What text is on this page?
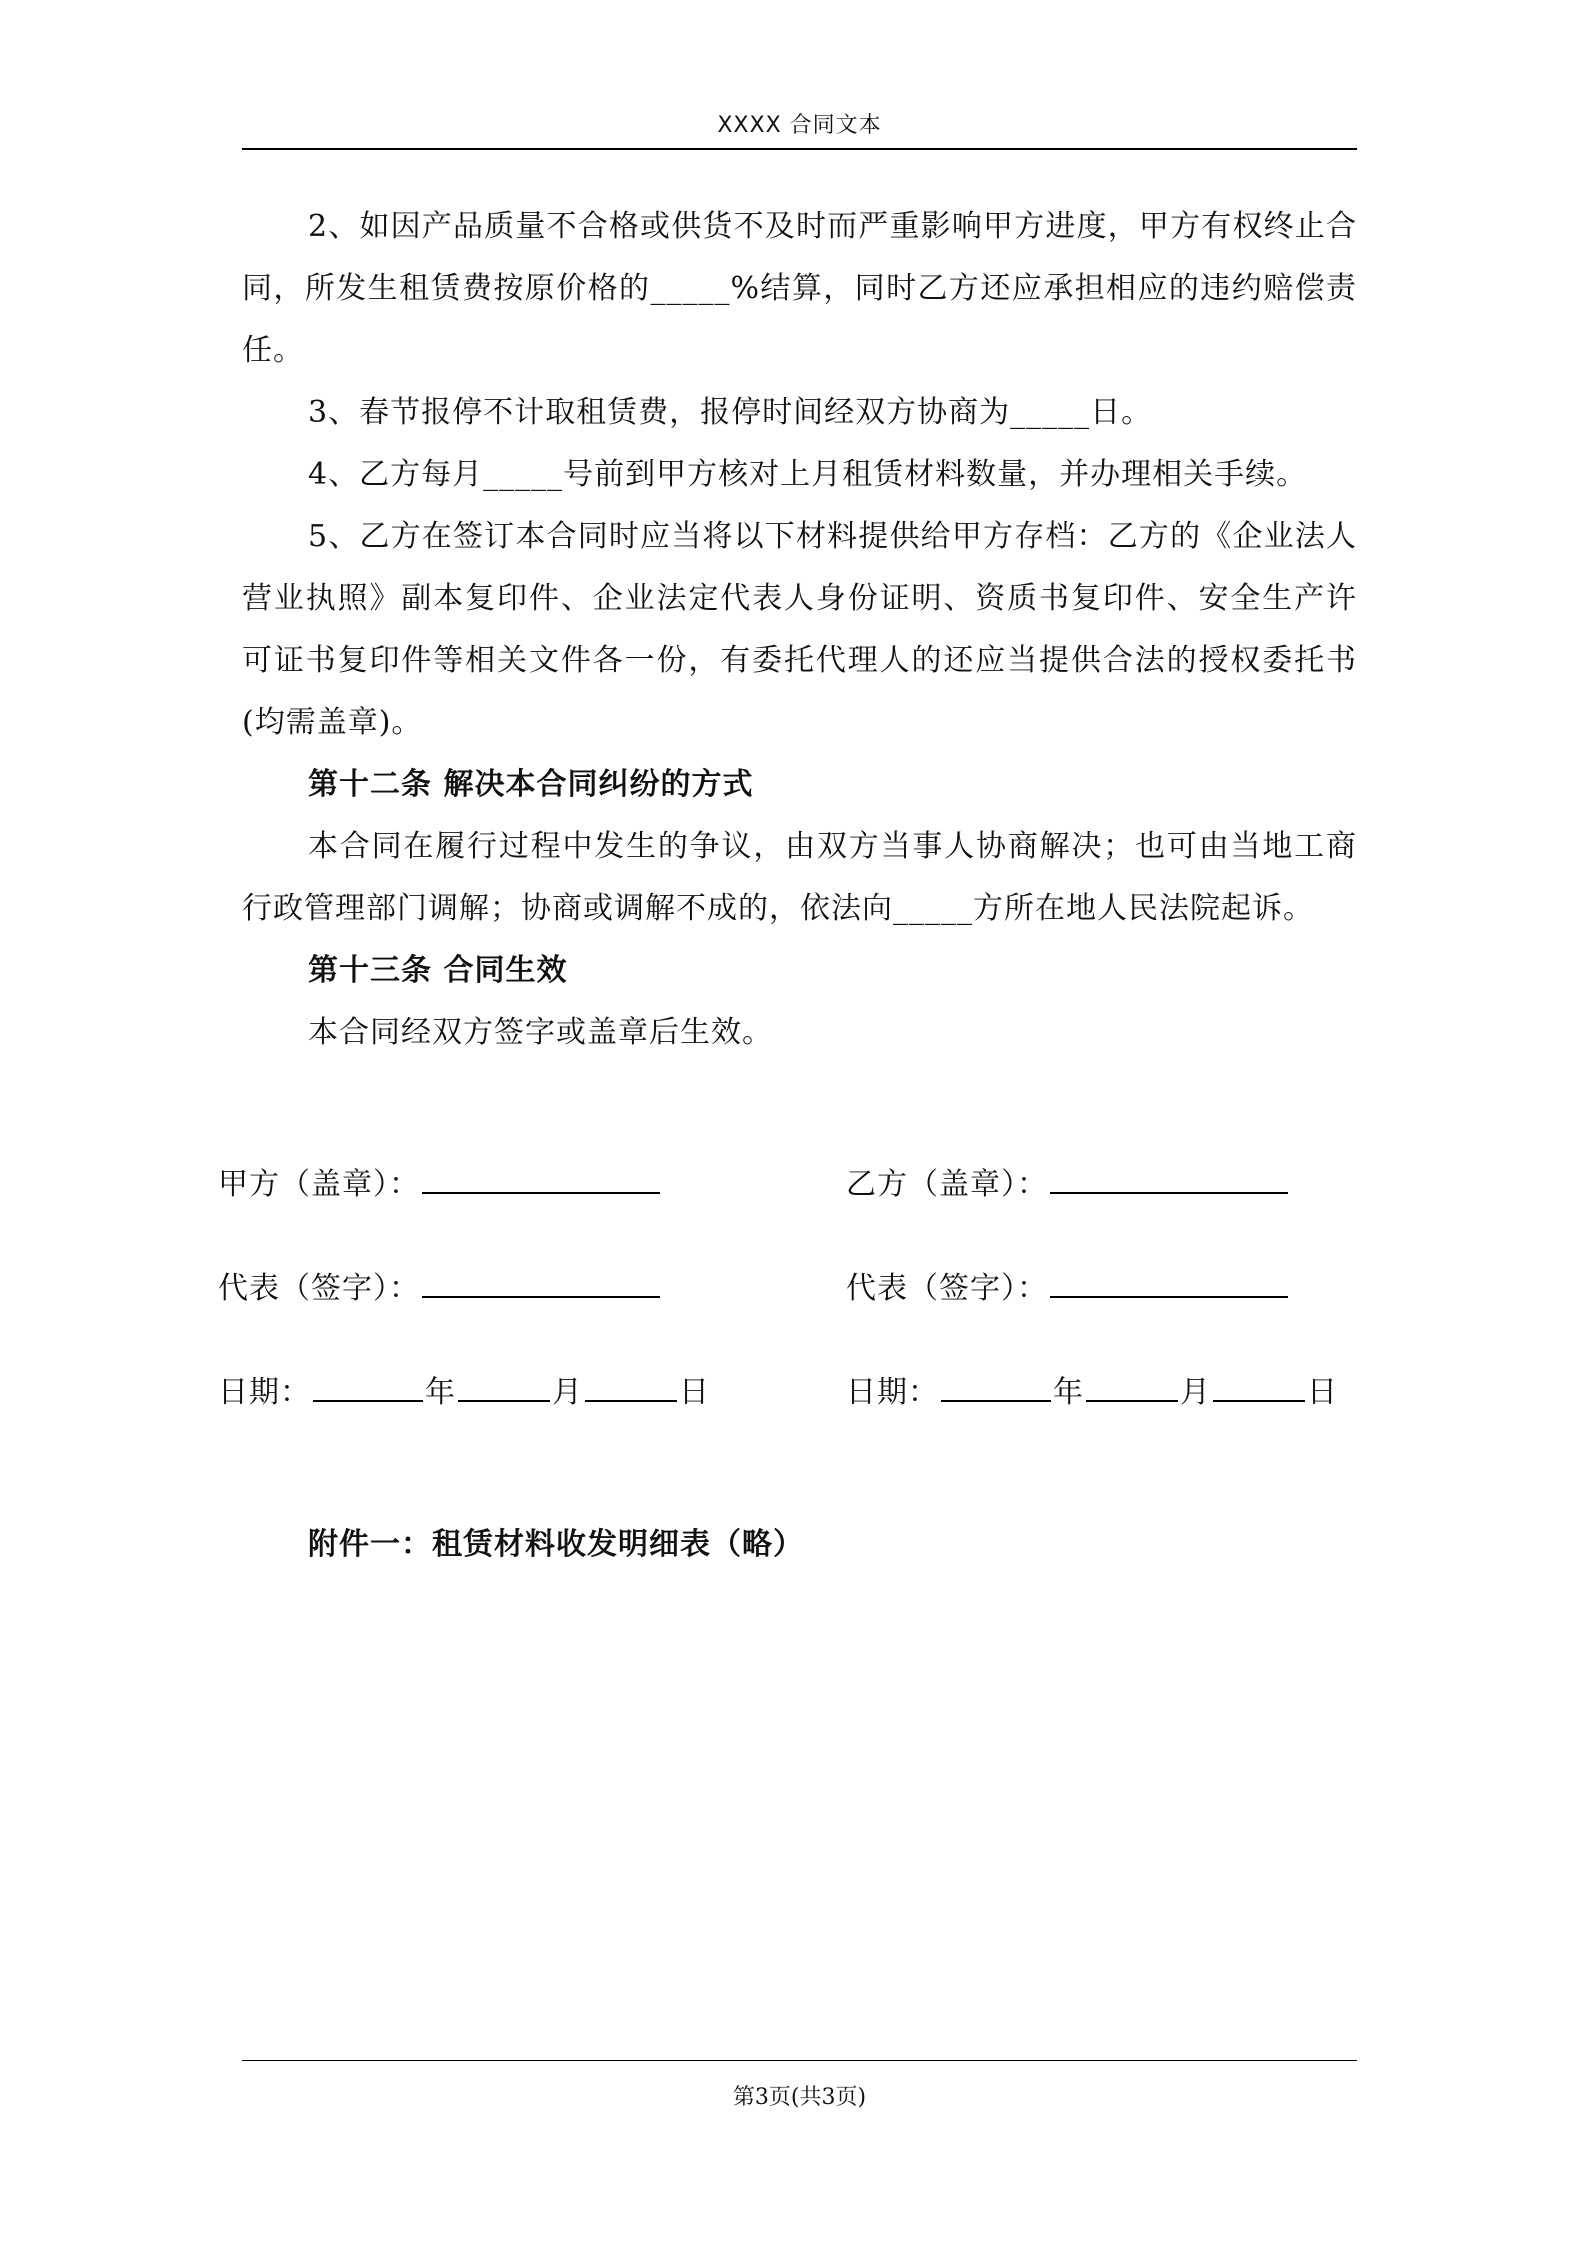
XXXX 合同文本

2、如因产品质量不合格或供货不及时而严重影响甲方进度，甲方有权终止合同，所发生租赁费按原价格的_____%结算，同时乙方还应承担相应的违约赔偿责任。

3、春节报停不计取租赁费，报停时间经双方协商为_____日。

4、乙方每月_____号前到甲方核对上月租赁材料数量，并办理相关手续。

5、乙方在签订本合同时应当将以下材料提供给甲方存档：乙方的《企业法人营业执照》副本复印件、企业法定代表人身份证明、资质书复印件、安全生产许可证书复印件等相关文件各一份，有委托代理人的还应当提供合法的授权委托书(均需盖章)。

第十二条 解决本合同纠纷的方式

本合同在履行过程中发生的争议，由双方当事人协商解决；也可由当地工商行政管理部门调解；协商或调解不成的，依法向_____方所在地人民法院起诉。

第十三条 合同生效

本合同经双方签字或盖章后生效。

甲方（盖章）：	乙方（盖章）：
代表（签字）：	代表（签字）：
日期：	年	月	日	日期：	年	月	日
附件一：租赁材料收发明细表（略）
第3页(共3页)
